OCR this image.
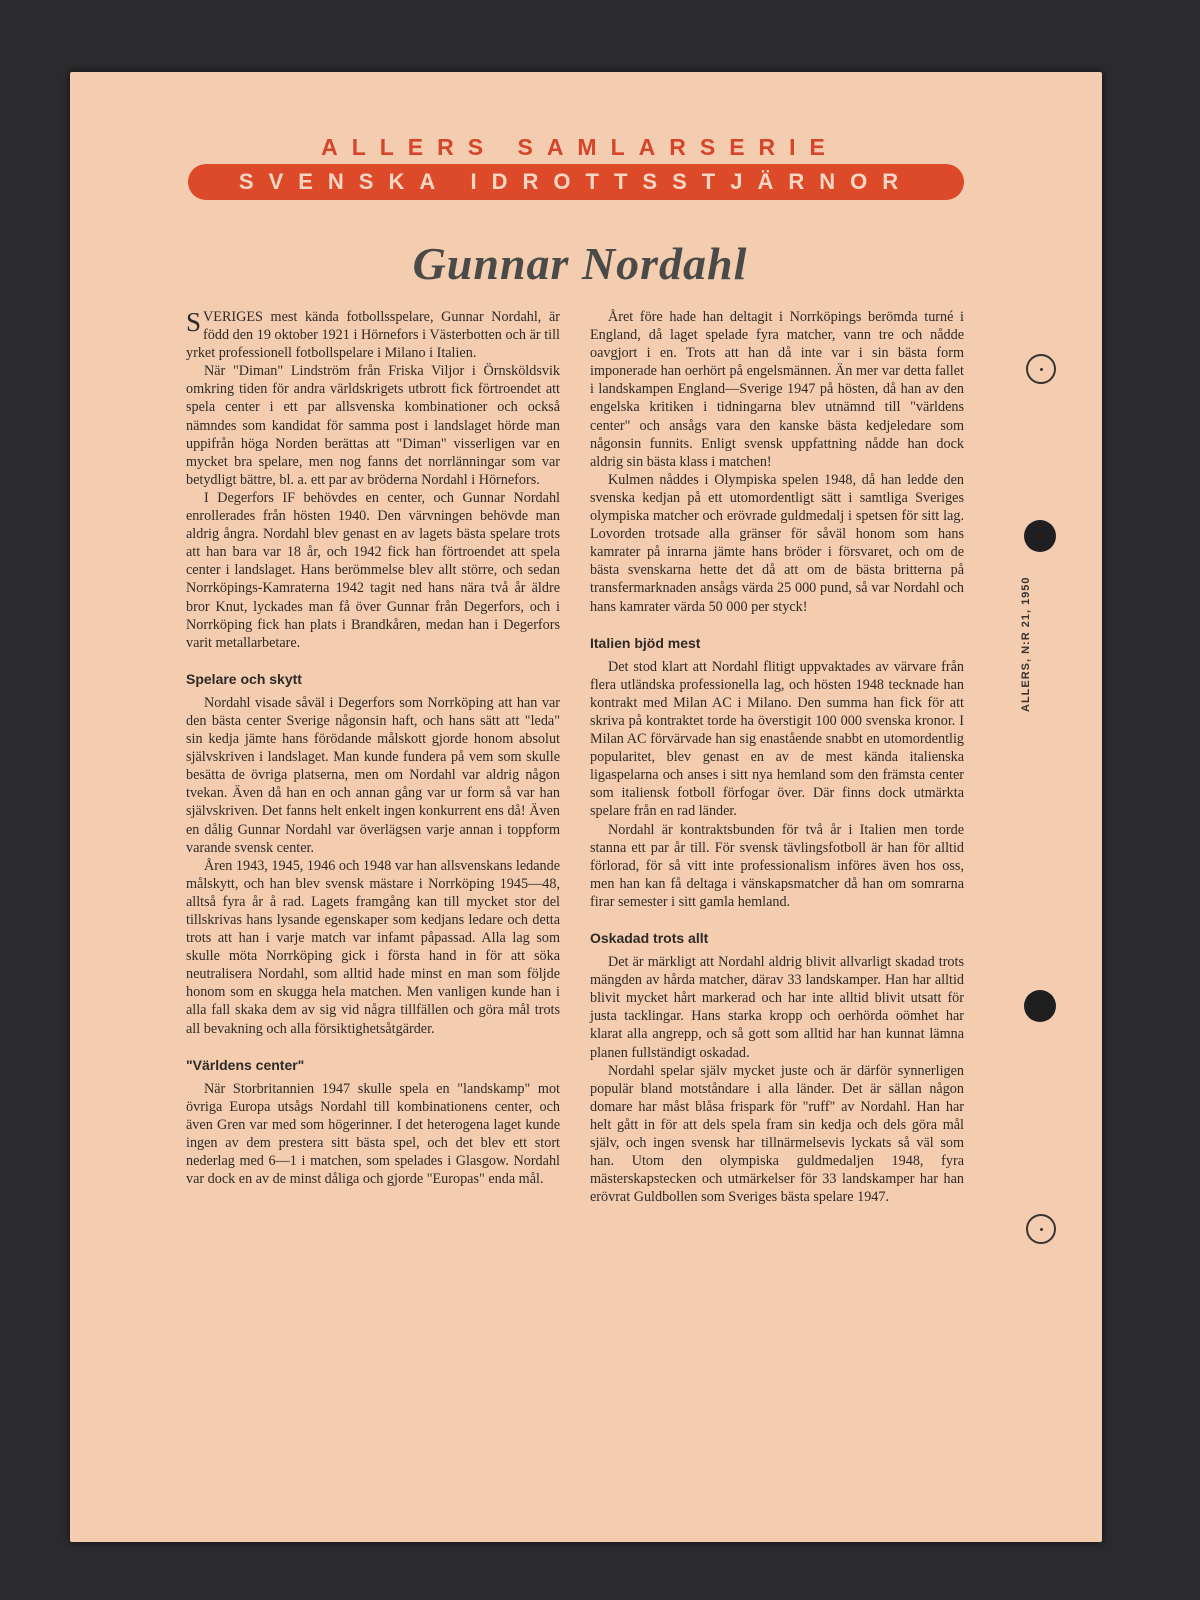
ALLERS SAMLARSERIE
SVENSKA IDROTTSSTJÄRNOR
Gunnar Nordahl

SVERIGES mest kända fotbollsspelare, Gunnar Nordahl, är född den 19 oktober 1921 i Hörnefors i Västerbotten och är till yrket professionell fotbollspelare i Milano i Italien.

När "Diman" Lindström från Friska Viljor i Örnsköldsvik omkring tiden för andra världskrigets utbrott fick förtroendet att spela center i ett par allsvenska kombinationer och också nämndes som kandidat för samma post i landslaget hörde man uppifrån höga Norden berättas att "Diman" visserligen var en mycket bra spelare, men nog fanns det norrlänningar som var betydligt bättre, bl. a. ett par av bröderna Nordahl i Hörnefors.

I Degerfors IF behövdes en center, och Gunnar Nordahl enrollerades från hösten 1940. Den värvningen behövde man aldrig ångra. Nordahl blev genast en av lagets bästa spelare trots att han bara var 18 år, och 1942 fick han förtroendet att spela center i landslaget. Hans berömmelse blev allt större, och sedan Norrköpings-Kamraterna 1942 tagit ned hans nära två år äldre bror Knut, lyckades man få över Gunnar från Degerfors, och i Norrköping fick han plats i Brandkåren, medan han i Degerfors varit metallarbetare.

Spelare och skytt

Nordahl visade såväl i Degerfors som Norrköping att han var den bästa center Sverige någonsin haft, och hans sätt att "leda" sin kedja jämte hans förödande målskott gjorde honom absolut självskriven i landslaget. Man kunde fundera på vem som skulle besätta de övriga platserna, men om Nordahl var aldrig någon tvekan. Även då han en och annan gång var ur form så var han självskriven. Det fanns helt enkelt ingen konkurrent ens då! Även en dålig Gunnar Nordahl var överlägsen varje annan i toppform varande svensk center.

Åren 1943, 1945, 1946 och 1948 var han allsvenskans ledande målskytt, och han blev svensk mästare i Norrköping 1945—48, alltså fyra år å rad. Lagets framgång kan till mycket stor del tillskrivas hans lysande egenskaper som kedjans ledare och detta trots att han i varje match var infamt påpassad. Alla lag som skulle möta Norrköping gick i första hand in för att söka neutralisera Nordahl, som alltid hade minst en man som följde honom som en skugga hela matchen. Men vanligen kunde han i alla fall skaka dem av sig vid några tillfällen och göra mål trots all bevakning och alla försiktighetsåtgärder.

"Världens center"

När Storbritannien 1947 skulle spela en "landskamp" mot övriga Europa utsågs Nordahl till kombinationens center, och även Gren var med som högerinner. I det heterogena laget kunde ingen av dem prestera sitt bästa spel, och det blev ett stort nederlag med 6—1 i matchen, som spelades i Glasgow. Nordahl var dock en av de minst dåliga och gjorde "Europas" enda mål.

Året före hade han deltagit i Norrköpings berömda turné i England, då laget spelade fyra matcher, vann tre och nådde oavgjort i en. Trots att han då inte var i sin bästa form imponerade han oerhört på engelsmännen. Än mer var detta fallet i landskampen England—Sverige 1947 på hösten, då han av den engelska kritiken i tidningarna blev utnämnd till "världens center" och ansågs vara den kanske bästa kedjeledare som någonsin funnits. Enligt svensk uppfattning nådde han dock aldrig sin bästa klass i matchen!

Kulmen nåddes i Olympiska spelen 1948, då han ledde den svenska kedjan på ett utomordentligt sätt i samtliga Sveriges olympiska matcher och erövrade guldmedalj i spetsen för sitt lag. Lovorden trotsade alla gränser för såväl honom som hans kamrater på inrarna jämte hans bröder i försvaret, och om de bästa svenskarna hette det då att om de bästa britterna på transfermarknaden ansågs värda 25 000 pund, så var Nordahl och hans kamrater värda 50 000 per styck!

Italien bjöd mest

Det stod klart att Nordahl flitigt uppvaktades av värvare från flera utländska professionella lag, och hösten 1948 tecknade han kontrakt med Milan AC i Milano. Den summa han fick för att skriva på kontraktet torde ha överstigit 100 000 svenska kronor. I Milan AC förvärvade han sig enastående snabbt en utomordentlig popularitet, blev genast en av de mest kända italienska ligaspelarna och anses i sitt nya hemland som den främsta center som italiensk fotboll förfogar över. Där finns dock utmärkta spelare från en rad länder.

Nordahl är kontraktsbunden för två år i Italien men torde stanna ett par år till. För svensk tävlingsfotboll är han för alltid förlorad, för så vitt inte professionalism införes även hos oss, men han kan få deltaga i vänskapsmatcher då han om somrarna firar semester i sitt gamla hemland.

Oskadad trots allt

Det är märkligt att Nordahl aldrig blivit allvarligt skadad trots mängden av hårda matcher, därav 33 landskamper. Han har alltid blivit mycket hårt markerad och har inte alltid blivit utsatt för justa tacklingar. Hans starka kropp och oerhörda oömhet har klarat alla angrepp, och så gott som alltid har han kunnat lämna planen fullständigt oskadad.

Nordahl spelar själv mycket juste och är därför synnerligen populär bland motståndare i alla länder. Det är sällan någon domare har måst blåsa frispark för "ruff" av Nordahl. Han har helt gått in för att dels spela fram sin kedja och dels göra mål själv, och ingen svensk har tillnärmelsevis lyckats så väl som han. Utom den olympiska guldmedaljen 1948, fyra mästerskapstecken och utmärkelser för 33 landskamper har han erövrat Guldbollen som Sveriges bästa spelare 1947.

ALLERS, N:R 21, 1950
